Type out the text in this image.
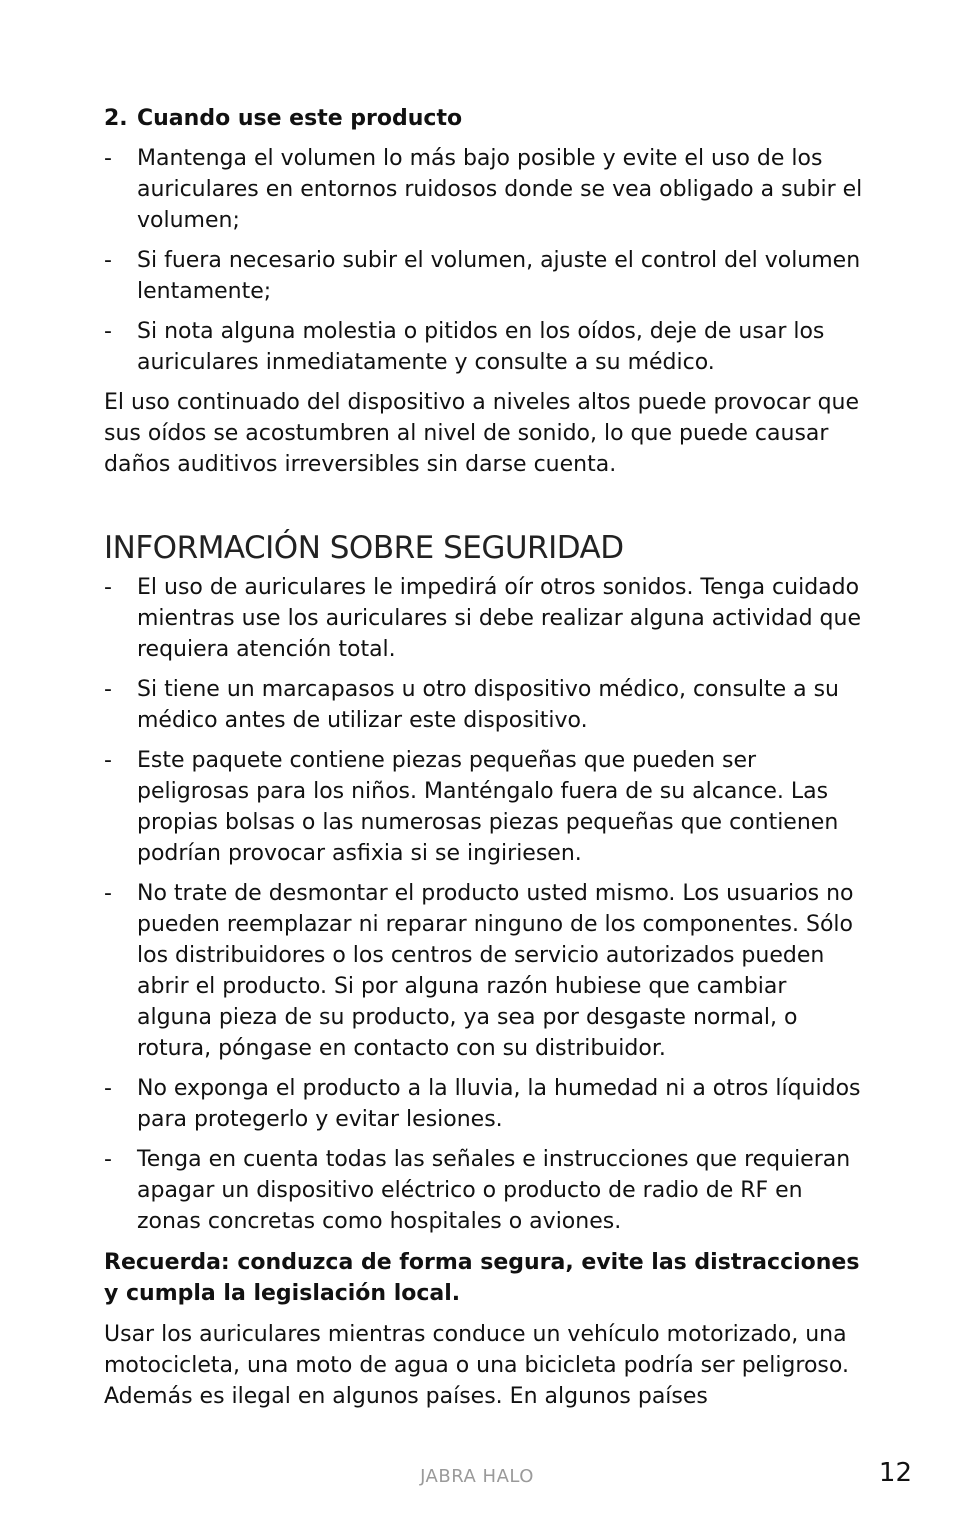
2. Cuando use este producto
- Mantenga el volumen lo más bajo posible y evite el uso de los auriculares en entornos ruidosos donde se vea obligado a subir el volumen;
- Si fuera necesario subir el volumen, ajuste el control del volumen lentamente;
- Si nota alguna molestia o pitidos en los oídos, deje de usar los auriculares inmediatamente y consulte a su médico.

El uso continuado del dispositivo a niveles altos puede provocar que sus oídos se acostumbren al nivel de sonido, lo que puede causar daños auditivos irreversibles sin darse cuenta.

INFORMACIÓN SOBRE SEGURIDAD
- El uso de auriculares le impedirá oír otros sonidos. Tenga cuidado mientras use los auriculares si debe realizar alguna actividad que requiera atención total.
- Si tiene un marcapasos u otro dispositivo médico, consulte a su médico antes de utilizar este dispositivo.
- Este paquete contiene piezas pequeñas que pueden ser peligrosas para los niños. Manténgalo fuera de su alcance. Las propias bolsas o las numerosas piezas pequeñas que contienen podrían provocar asfixia si se ingiriesen.
- No trate de desmontar el producto usted mismo. Los usuarios no pueden reemplazar ni reparar ninguno de los componentes. Sólo los distribuidores o los centros de servicio autorizados pueden abrir el producto. Si por alguna razón hubiese que cambiar alguna pieza de su producto, ya sea por desgaste normal, o rotura, póngase en contacto con su distribuidor.
- No exponga el producto a la lluvia, la humedad ni a otros líquidos para protegerlo y evitar lesiones.
- Tenga en cuenta todas las señales e instrucciones que requieran apagar un dispositivo eléctrico o producto de radio de RF en zonas concretas como hospitales o aviones.

Recuerda: conduzca de forma segura, evite las distracciones y cumpla la legislación local.

Usar los auriculares mientras conduce un vehículo motorizado, una motocicleta, una moto de agua o una bicicleta podría ser peligroso. Además es ilegal en algunos países. En algunos países

JABRA HALO	12
